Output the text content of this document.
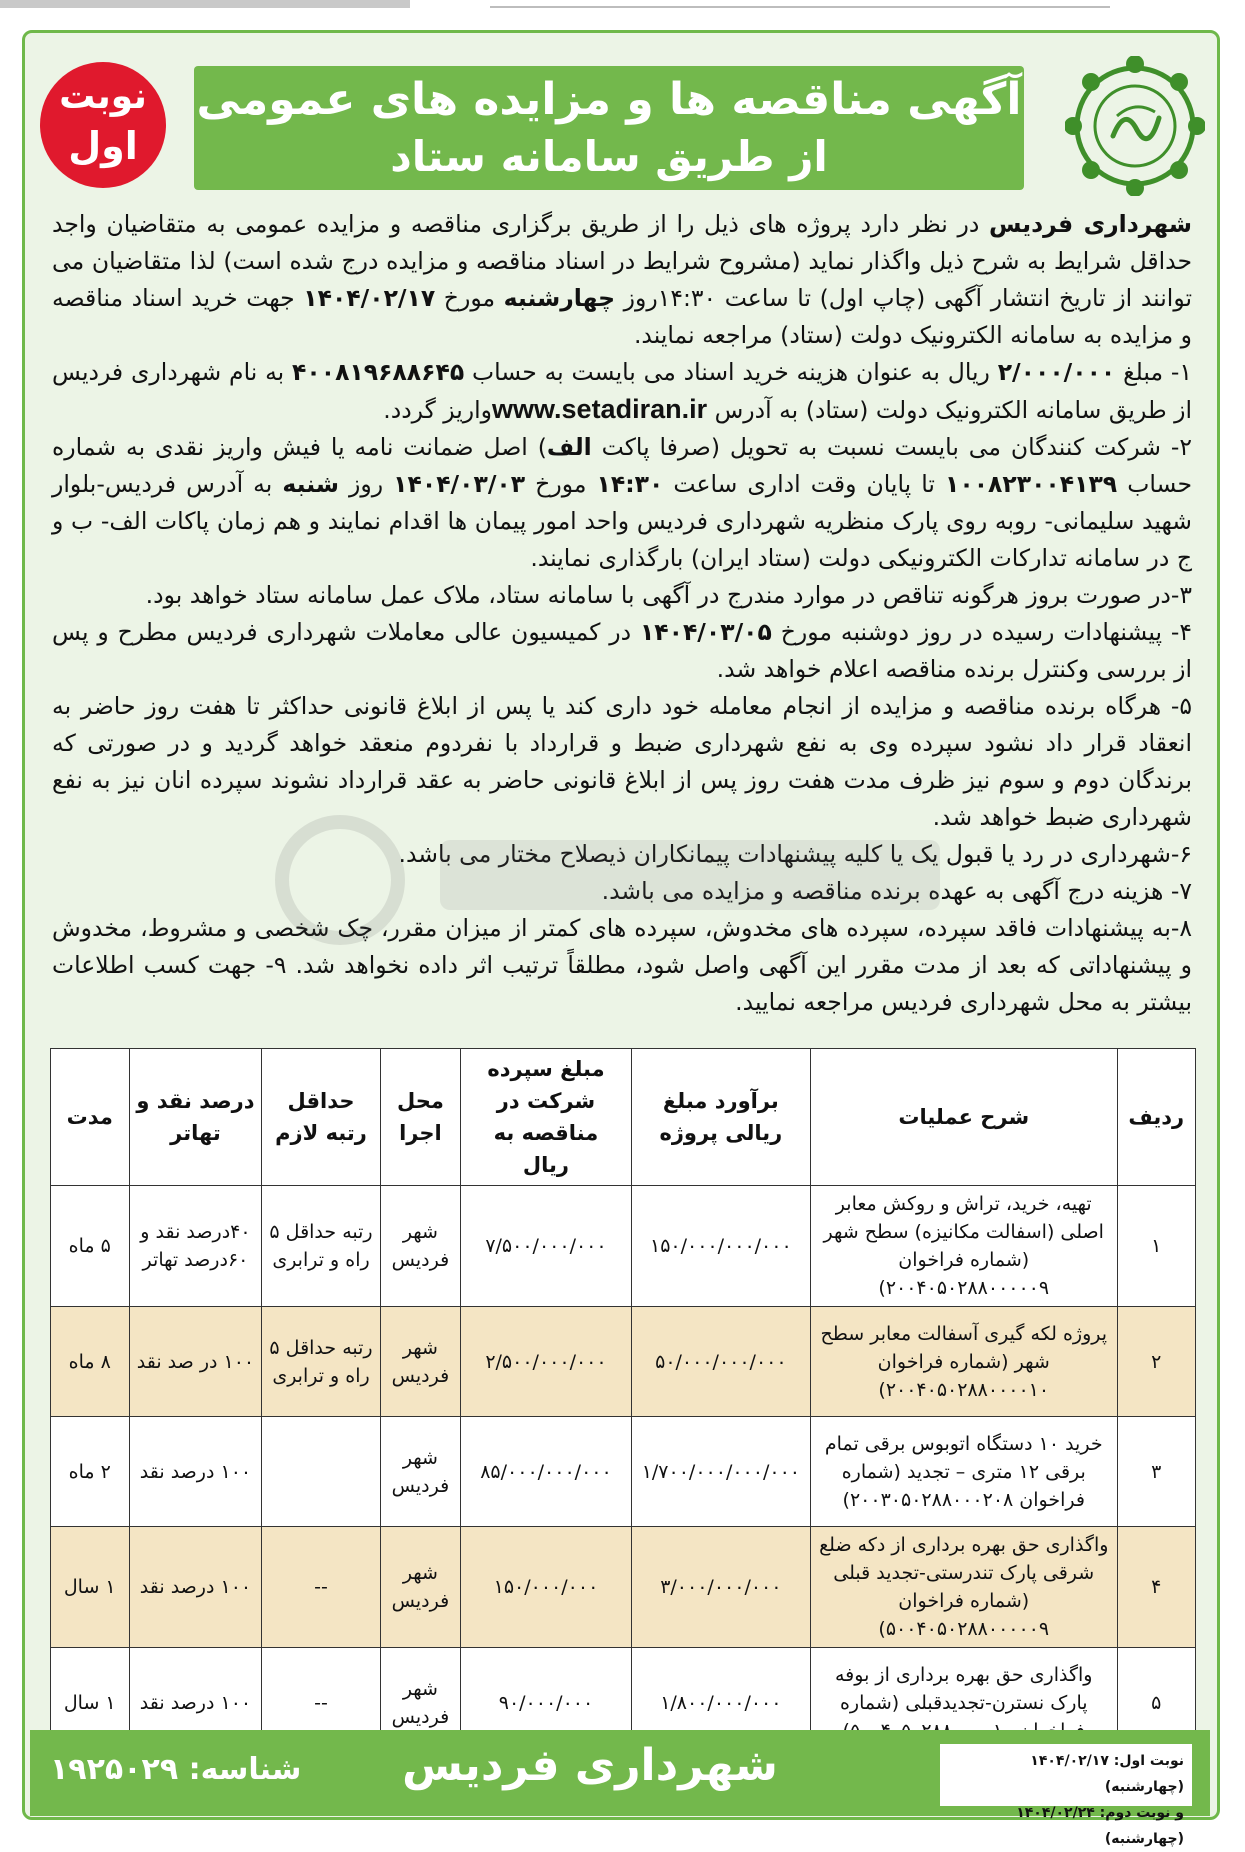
آگهی مناقصه ها و مزایده های عمومی
از طریق سامانه ستاد
نوبت
اول

شهرداری فردیس در نظر دارد پروژه های ذیل را از طریق برگزاری مناقصه و مزایده عمومی به متقاضیان واجد حداقل شرایط به شرح ذیل واگذار نماید (مشروح شرایط در اسناد مناقصه و مزایده درج شده است) لذا متقاضیان می توانند از تاریخ انتشار آگهی (چاپ اول) تا ساعت ۱۴:۳۰روز چهارشنبه مورخ ۱۴۰۴/۰۲/۱۷ جهت خرید اسناد مناقصه و مزایده به سامانه الکترونیک دولت (ستاد) مراجعه نمایند.

۱- مبلغ ۲/۰۰۰/۰۰۰ ریال به عنوان هزینه خرید اسناد می بایست به حساب ۴۰۰۸۱۹۶۸۸۶۴۵ به نام شهرداری فردیس از طریق سامانه الکترونیک دولت (ستاد) به آدرس www.setadiran.irواریز گردد.

۲- شرکت کنندگان می بایست نسبت به تحویل (صرفا پاکت الف) اصل ضمانت نامه یا فیش واریز نقدی به شماره حساب ۱۰۰۸۲۳۰۰۴۱۳۹ تا پایان وقت اداری ساعت ۱۴:۳۰ مورخ ۱۴۰۴/۰۳/۰۳ روز شنبه به آدرس فردیس-بلوار شهید سلیمانی- روبه روی پارک منظریه شهرداری فردیس واحد امور پیمان ها اقدام نمایند و هم زمان پاکات الف- ب و ج در سامانه تدارکات الکترونیکی دولت (ستاد ایران) بارگذاری نمایند.

۳-در صورت بروز هرگونه تناقص در موارد مندرج در آگهی با سامانه ستاد، ملاک عمل سامانه ستاد خواهد بود.

۴- پیشنهادات رسیده در روز دوشنبه مورخ ۱۴۰۴/۰۳/۰۵ در کمیسیون عالی معاملات شهرداری فردیس مطرح و پس از بررسی وکنترل برنده مناقصه اعلام خواهد شد.

۵- هرگاه برنده مناقصه و مزایده از انجام معامله خود داری کند یا پس از ابلاغ قانونی حداکثر تا هفت روز حاضر به انعقاد قرار داد نشود سپرده وی به نفع شهرداری ضبط و قرارداد با نفردوم منعقد خواهد گردید و در صورتی که برندگان دوم و سوم نیز ظرف مدت هفت روز پس از ابلاغ قانونی حاضر به عقد قرارداد نشوند سپرده انان نیز به نفع شهرداری ضبط خواهد شد.

۶-شهرداری در رد یا قبول یک یا کلیه پیشنهادات پیمانکاران ذیصلاح مختار می باشد.

۷- هزینه درج آگهی به عهده برنده مناقصه و مزایده می باشد.

۸-به پیشنهادات فاقد سپرده، سپرده های مخدوش، سپرده های کمتر از میزان مقرر، چک شخصی و مشروط، مخدوش و پیشنهاداتی که بعد از مدت مقرر این آگهی واصل شود، مطلقاً ترتیب اثر داده نخواهد شد. ۹- جهت کسب اطلاعات بیشتر به محل شهرداری فردیس مراجعه نمایید.

ردیف	شرح عملیات	برآورد مبلغ ریالی پروژه	مبلغ سپرده شرکت در مناقصه به ریال	محل اجرا	حداقل رتبه لازم	درصد نقد و تهاتر	مدت
۱	تهیه، خرید، تراش و روکش معابر اصلی (اسفالت مکانیزه) سطح شهر (شماره فراخوان ۲۰۰۴۰۵۰۲۸۸۰۰۰۰۰۹)	۱۵۰/۰۰۰/۰۰۰/۰۰۰	۷/۵۰۰/۰۰۰/۰۰۰	شهر فردیس	رتبه حداقل ۵ راه و ترابری	۴۰درصد نقد و ۶۰درصد تهاتر	۵ ماه
۲	پروژه لکه گیری آسفالت معابر سطح شهر (شماره فراخوان ۲۰۰۴۰۵۰۲۸۸۰۰۰۰۱۰)	۵۰/۰۰۰/۰۰۰/۰۰۰	۲/۵۰۰/۰۰۰/۰۰۰	شهر فردیس	رتبه حداقل ۵ راه و ترابری	۱۰۰ در صد نقد	۸ ماه
۳	خرید ۱۰ دستگاه اتوبوس برقی تمام برقی ۱۲ متری – تجدید (شماره فراخوان ۲۰۰۳۰۵۰۲۸۸۰۰۰۲۰۸)	۱/۷۰۰/۰۰۰/۰۰۰/۰۰۰	۸۵/۰۰۰/۰۰۰/۰۰۰	شهر فردیس		۱۰۰ درصد نقد	۲ ماه
۴	واگذاری حق بهره برداری از دکه ضلع شرقی پارک تندرستی-تجدید قبلی (شماره فراخوان ۵۰۰۴۰۵۰۲۸۸۰۰۰۰۰۹)	۳/۰۰۰/۰۰۰/۰۰۰	۱۵۰/۰۰۰/۰۰۰	شهر فردیس	--	۱۰۰ درصد نقد	۱ سال
۵	واگذاری حق بهره برداری از بوفه پارک نسترن-تجدیدقبلی (شماره	۱/۸۰۰/۰۰۰/۰۰۰	۹۰/۰۰۰/۰۰۰	شهر فردیس	--	۱۰۰ درصد نقد	۱ سال
نوبت اول: ۱۴۰۴/۰۲/۱۷ (چهارشنبه)
و نوبت دوم: ۱۴۰۴/۰۲/۲۴ (چهارشنبه)
شهرداری فردیس
شناسه: ۱۹۲۵۰۲۹
